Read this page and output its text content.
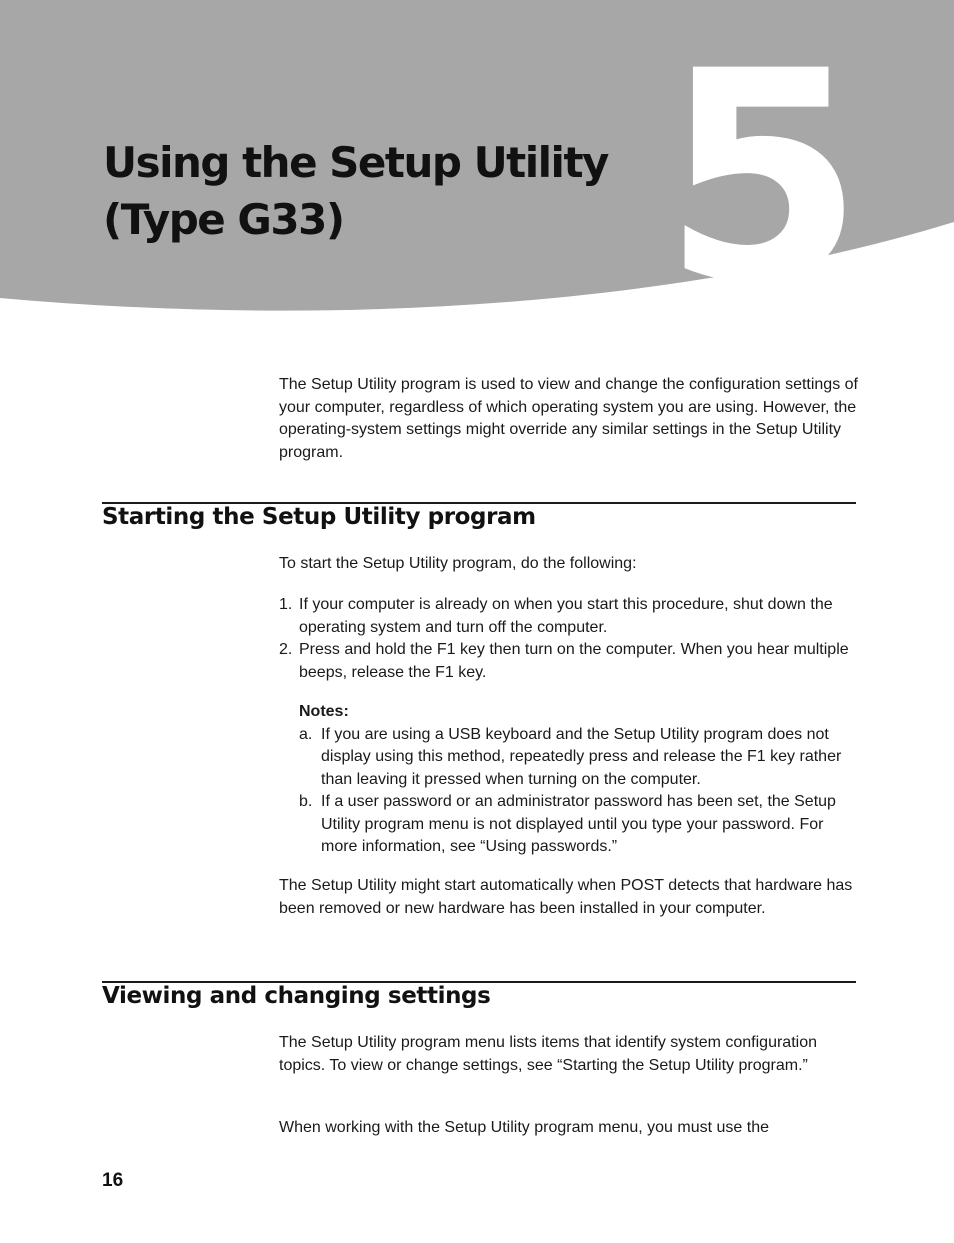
5
Using the Setup Utility
(Type G33)

The Setup Utility program is used to view and change the configuration settings of your computer, regardless of which operating system you are using. However, the operating-system settings might override any similar settings in the Setup Utility program.

Starting the Setup Utility program

To start the Setup Utility program, do the following:

1. If your computer is already on when you start this procedure, shut down the operating system and turn off the computer.
2. Press and hold the F1 key then turn on the computer. When you hear multiple beeps, release the F1 key.

Notes:

a. If you are using a USB keyboard and the Setup Utility program does not display using this method, repeatedly press and release the F1 key rather than leaving it pressed when turning on the computer.
b. If a user password or an administrator password has been set, the Setup Utility program menu is not displayed until you type your password. For more information, see “Using passwords.”

The Setup Utility might start automatically when POST detects that hardware has been removed or new hardware has been installed in your computer.

Viewing and changing settings

The Setup Utility program menu lists items that identify system configuration topics. To view or change settings, see “Starting the Setup Utility program.”

When working with the Setup Utility program menu, you must use the

16
